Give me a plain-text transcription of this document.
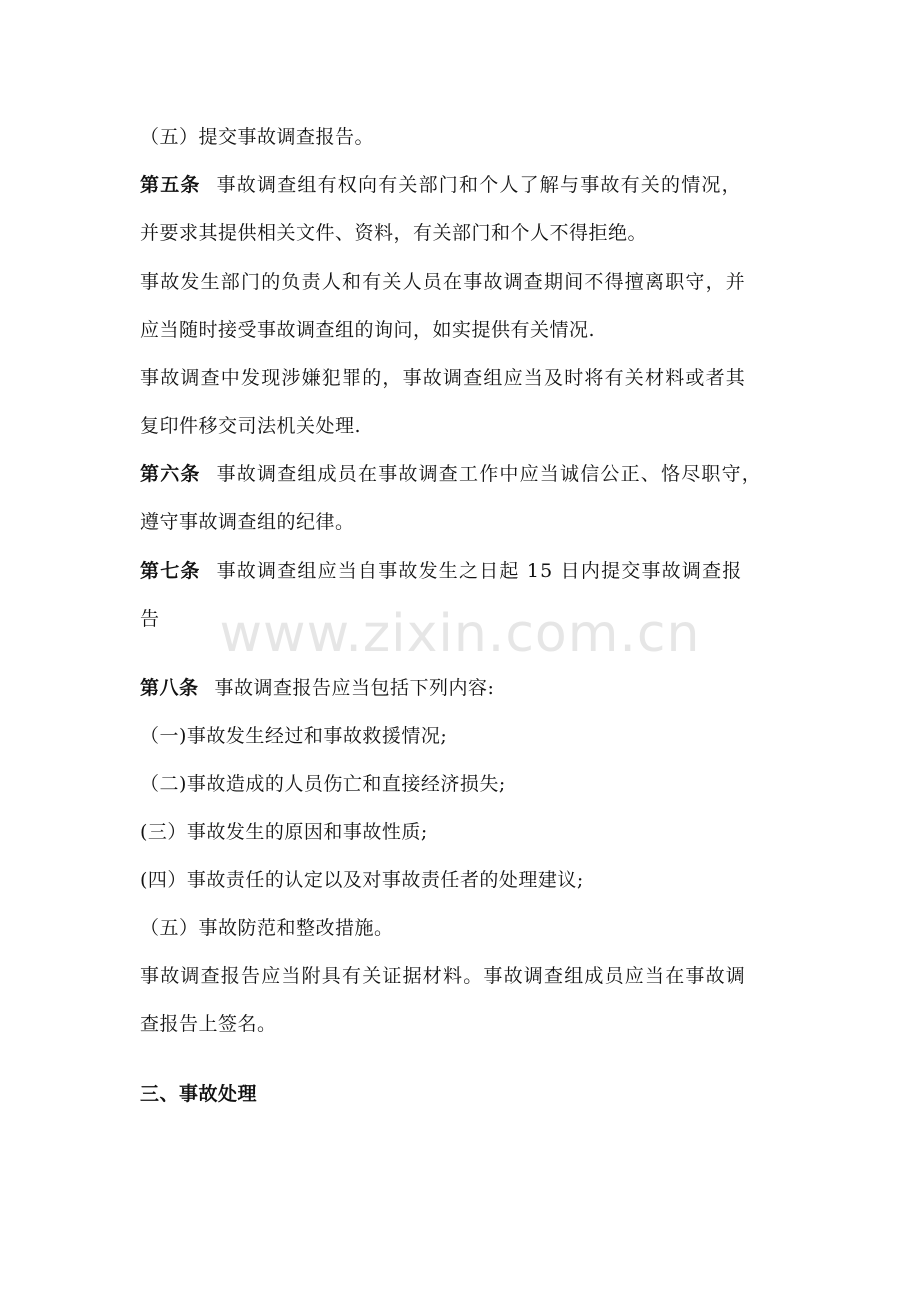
www.zixin.com.cn
（五）提交事故调查报告。
第五条 事故调查组有权向有关部门和个人了解与事故有关的情况，
并要求其提供相关文件、资料，有关部门和个人不得拒绝。
事故发生部门的负责人和有关人员在事故调查期间不得擅离职守，并
应当随时接受事故调查组的询问，如实提供有关情况.
事故调查中发现涉嫌犯罪的，事故调查组应当及时将有关材料或者其
复印件移交司法机关处理.
第六条 事故调查组成员在事故调查工作中应当诚信公正、恪尽职守，
遵守事故调查组的纪律。
第七条 事故调查组应当自事故发生之日起 15 日内提交事故调查报
告
第八条 事故调查报告应当包括下列内容:
（一)事故发生经过和事故救援情况;
（二)事故造成的人员伤亡和直接经济损失;
(三）事故发生的原因和事故性质;
(四）事故责任的认定以及对事故责任者的处理建议;
（五）事故防范和整改措施。
事故调查报告应当附具有关证据材料。事故调查组成员应当在事故调
查报告上签名。
三、事故处理
